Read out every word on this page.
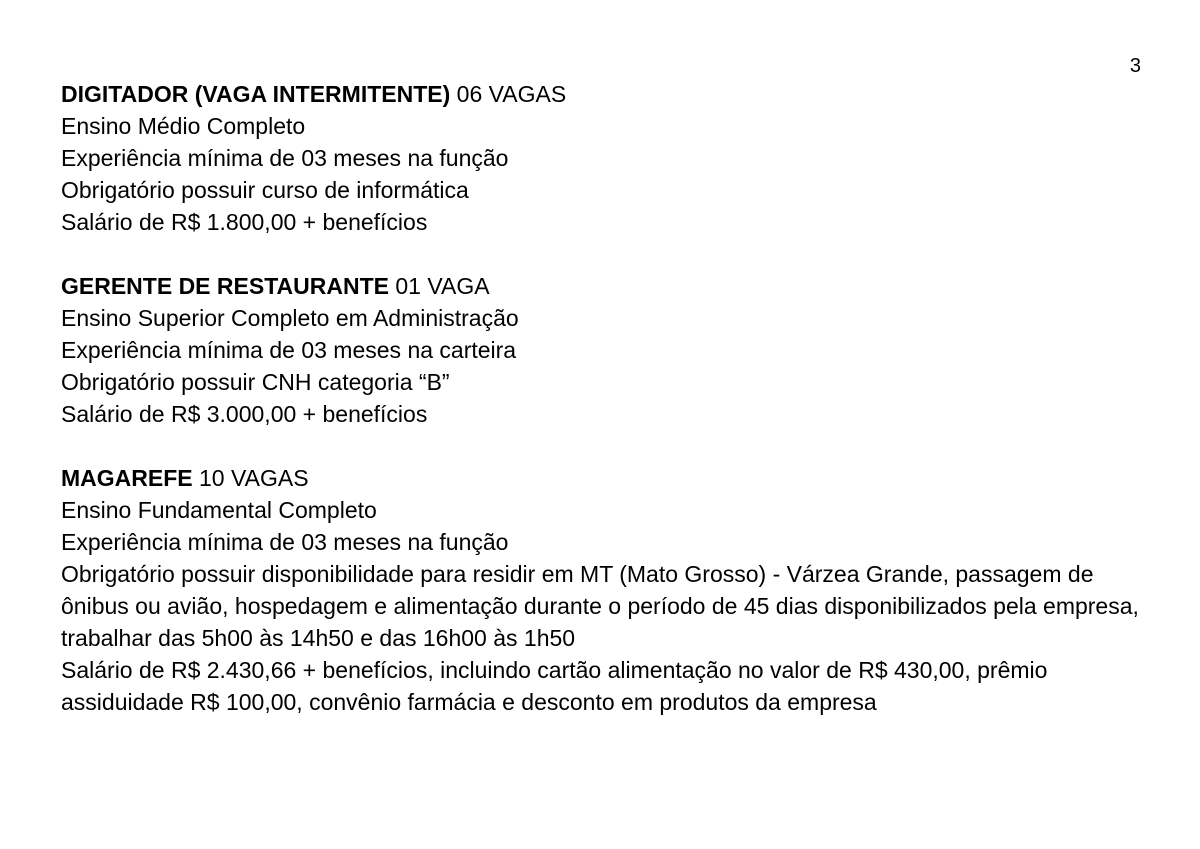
3

DIGITADOR (VAGA INTERMITENTE) 06 VAGAS

Ensino Médio Completo

Experiência mínima de 03 meses na função

Obrigatório possuir curso de informática

Salário de R$ 1.800,00 + benefícios

GERENTE DE RESTAURANTE 01 VAGA

Ensino Superior Completo em Administração

Experiência mínima de 03 meses na carteira

Obrigatório possuir CNH categoria “B”

Salário de R$ 3.000,00 + benefícios

MAGAREFE 10 VAGAS

Ensino Fundamental Completo

Experiência mínima de 03 meses na função

Obrigatório possuir disponibilidade para residir em MT (Mato Grosso) - Várzea Grande, passagem de ônibus ou avião, hospedagem e alimentação durante o período de 45 dias disponibilizados pela empresa, trabalhar das 5h00 às 14h50 e das 16h00 às 1h50

Salário de R$ 2.430,66 + benefícios, incluindo cartão alimentação no valor de R$ 430,00, prêmio assiduidade R$ 100,00, convênio farmácia e desconto em produtos da empresa
